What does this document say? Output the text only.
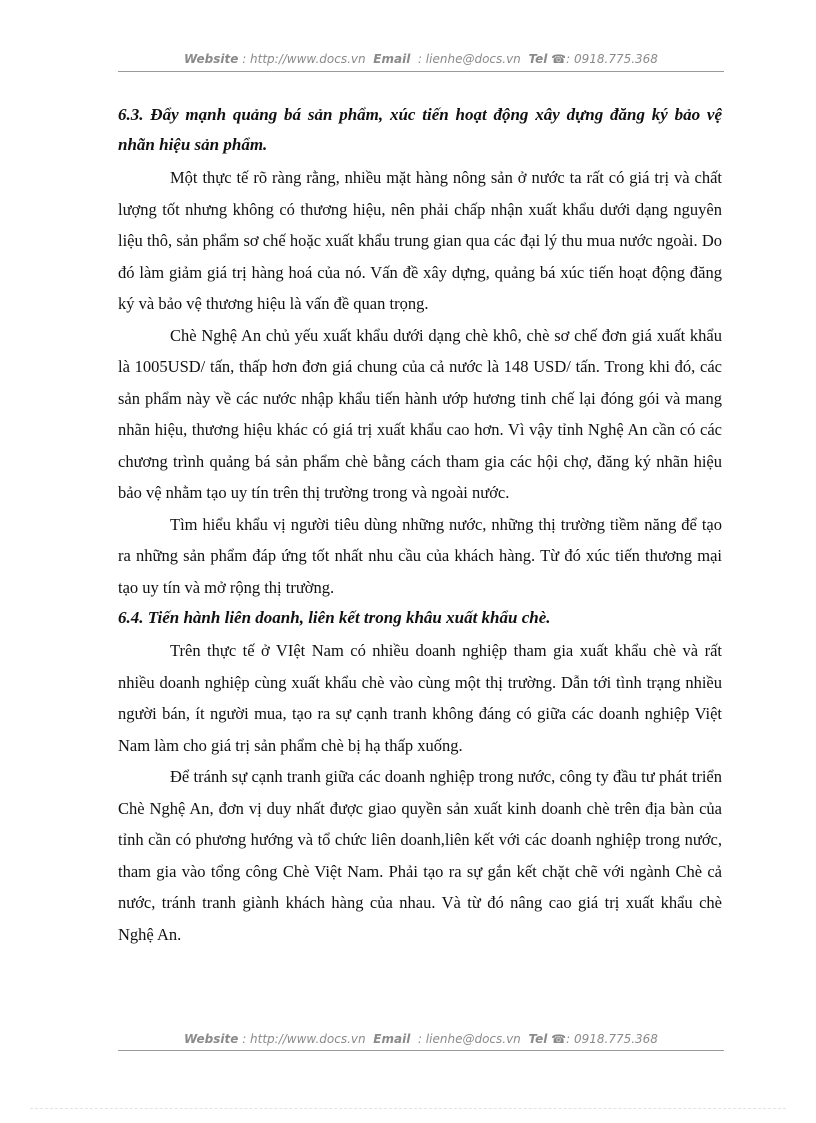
Website : http://www.docs.vn Email : lienhe@docs.vn Tel ☎: 0918.775.368

6.3. Đẩy mạnh quảng bá sản phẩm, xúc tiến hoạt động xây dựng đăng ký bảo vệ nhãn hiệu sản phẩm.

Một thực tế rõ ràng rằng, nhiều mặt hàng nông sản ở nước ta rất có giá trị và chất lượng tốt nhưng không có thương hiệu, nên phải chấp nhận xuất khẩu dưới dạng nguyên liệu thô, sản phẩm sơ chế hoặc xuất khẩu trung gian qua các đại lý thu mua nước ngoài. Do đó làm giảm giá trị hàng hoá của nó. Vấn đề xây dựng, quảng bá xúc tiến hoạt động đăng ký và bảo vệ thương hiệu là vấn đề quan trọng.

Chè Nghệ An chủ yếu xuất khẩu dưới dạng chè khô, chè sơ chế đơn giá xuất khẩu là 1005USD/ tấn, thấp hơn đơn giá chung của cả nước là 148 USD/ tấn. Trong khi đó, các sản phẩm này về các nước nhập khẩu tiến hành ướp hương tinh chế lại đóng gói và mang nhãn hiệu, thương hiệu khác có giá trị xuất khẩu cao hơn. Vì vậy tỉnh Nghệ An cần có các chương trình quảng bá sản phẩm chè bằng cách tham gia các hội chợ, đăng ký nhãn hiệu bảo vệ nhằm tạo uy tín trên thị trường trong và ngoài nước.

Tìm hiểu khẩu vị người tiêu dùng những nước, những thị trường tiềm năng để tạo ra những sản phẩm đáp ứng tốt nhất nhu cầu của khách hàng. Từ đó xúc tiến thương mại tạo uy tín và mở rộng thị trường.

6.4. Tiến hành liên doanh, liên kết trong khâu xuất khẩu chè.

Trên thực tế ở VIệt Nam có nhiều doanh nghiệp tham gia xuất khẩu chè và rất nhiều doanh nghiệp cùng xuất khẩu chè vào cùng một thị trường. Dẫn tới tình trạng nhiều người bán, ít người mua, tạo ra sự cạnh tranh không đáng có giữa các doanh nghiệp Việt Nam làm cho giá trị sản phẩm chè bị hạ thấp xuống.

Để tránh sự cạnh tranh giữa các doanh nghiệp trong nước, công ty đầu tư phát triển Chè Nghệ An, đơn vị duy nhất được giao quyền sản xuất kinh doanh chè trên địa bàn của tỉnh cần có phương hướng và tổ chức liên doanh,liên kết với các doanh nghiệp trong nước, tham gia vào tổng công Chè Việt Nam. Phải tạo ra sự gắn kết chặt chẽ với ngành Chè cả nước, tránh tranh giành khách hàng của nhau. Và từ đó nâng cao giá trị xuất khẩu chè Nghệ An.

Website : http://www.docs.vn Email : lienhe@docs.vn Tel ☎: 0918.775.368
